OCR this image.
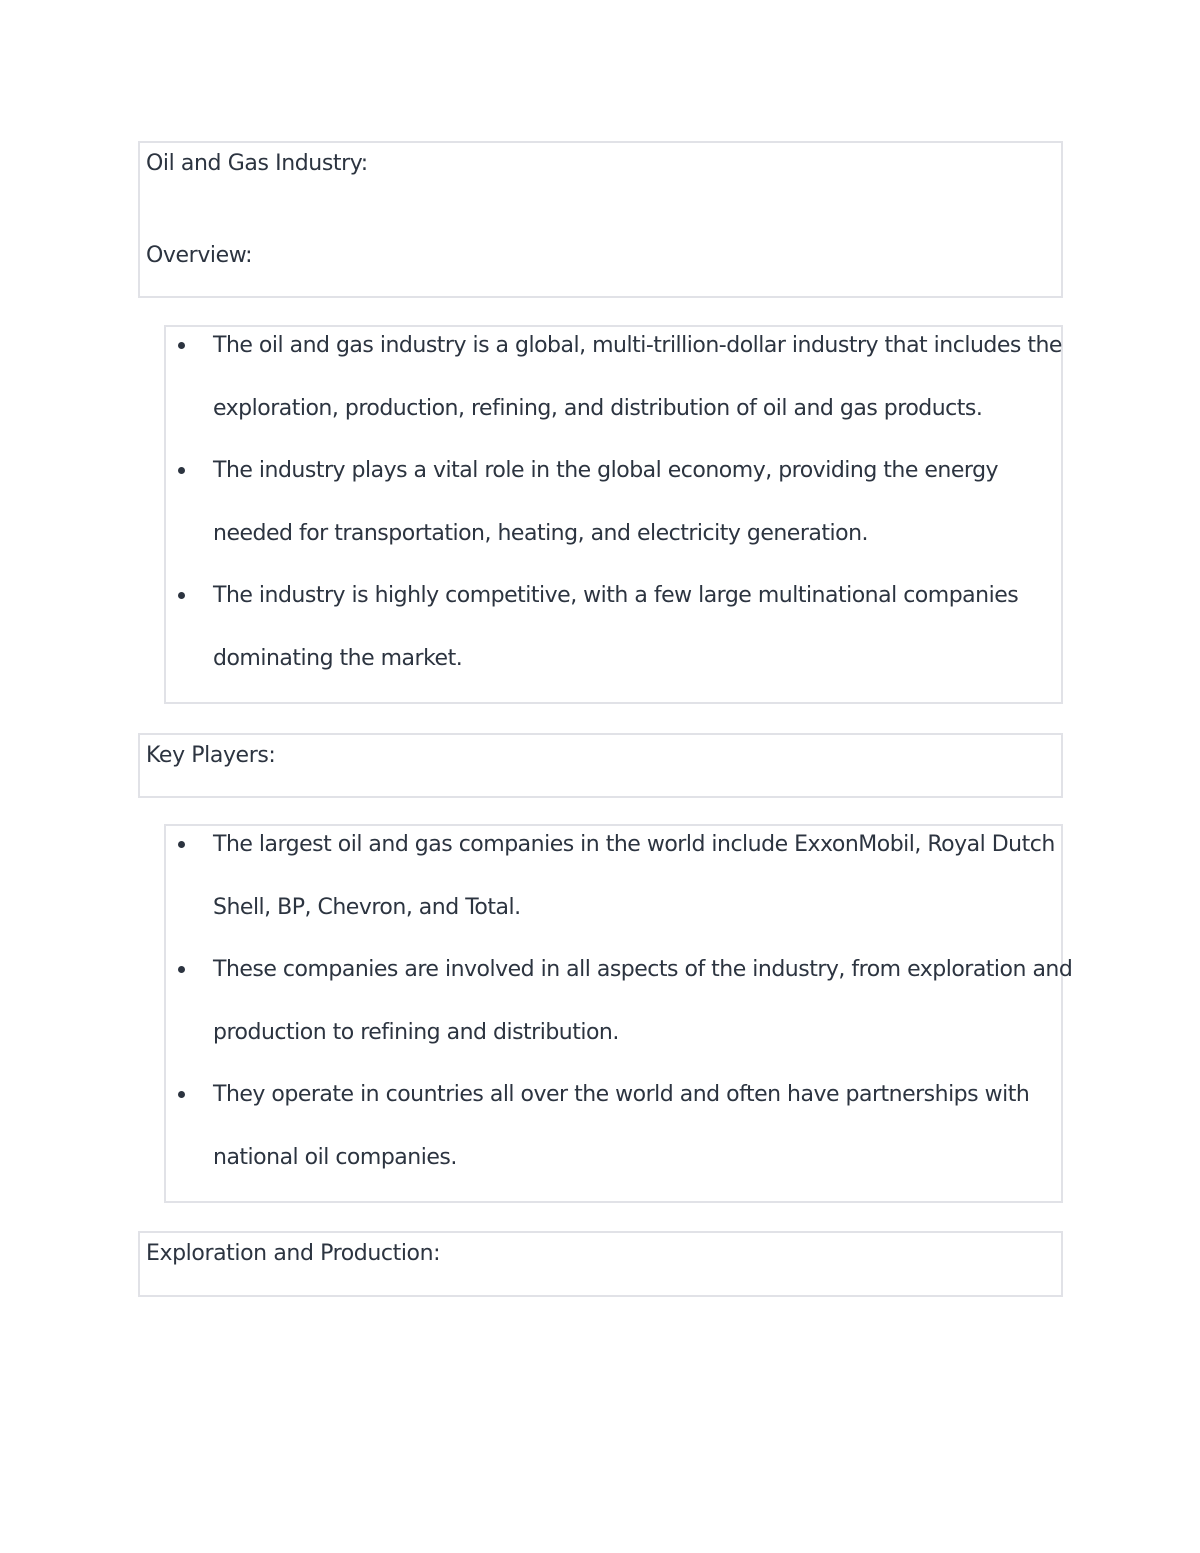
Oil and Gas Industry:
Overview:
The oil and gas industry is a global, multi-trillion-dollar industry that includes the
exploration, production, refining, and distribution of oil and gas products.
The industry plays a vital role in the global economy, providing the energy
needed for transportation, heating, and electricity generation.
The industry is highly competitive, with a few large multinational companies
dominating the market.
Key Players:
The largest oil and gas companies in the world include ExxonMobil, Royal Dutch
Shell, BP, Chevron, and Total.
These companies are involved in all aspects of the industry, from exploration and
production to refining and distribution.
They operate in countries all over the world and often have partnerships with
national oil companies.
Exploration and Production:
